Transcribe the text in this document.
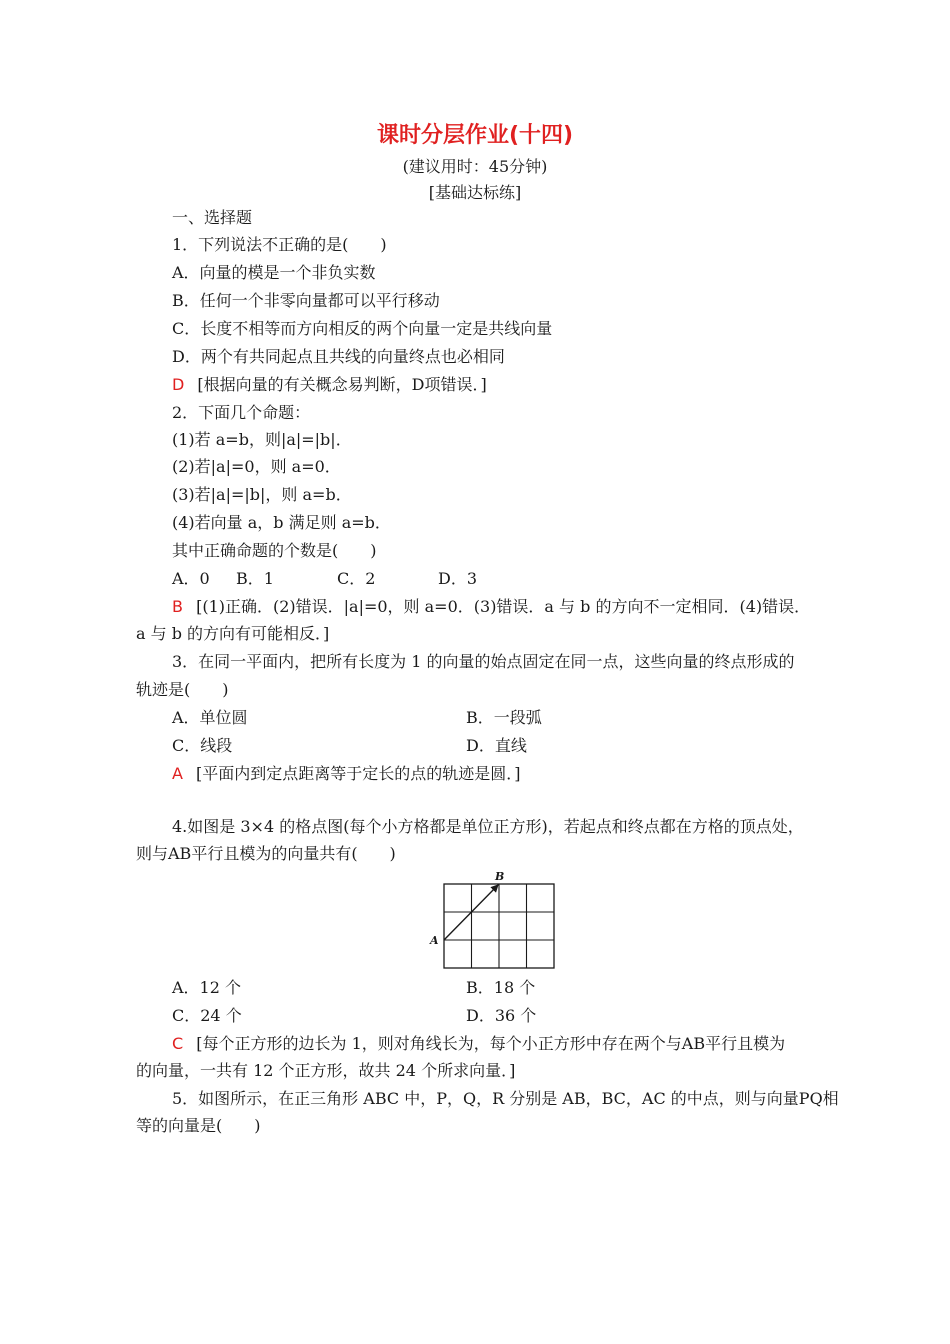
课时分层作业(十四)
(建议用时：45分钟)
[基础达标练]
一、选择题
1．下列说法不正确的是(　　)
A．向量的模是一个非负实数
B．任何一个非零向量都可以平行移动
C．长度不相等而方向相反的两个向量一定是共线向量
D．两个有共同起点且共线的向量终点也必相同
D [根据向量的有关概念易判断，D项错误．]
2．下面几个命题：
(1)若 a=b，则|a|=|b|．
(2)若|a|=0，则 a=0．
(3)若|a|=|b|，则 a=b．
(4)若向量 a，b 满足则 a=b．
其中正确命题的个数是(　　)
A．0 B．1	C．2	D．3
B [(1)正确．(2)错误．|a|=0，则 a=0．(3)错误．a 与 b 的方向不一定相同．(4)错误．
a 与 b 的方向有可能相反．]
3．在同一平面内，把所有长度为 1 的向量的始点固定在同一点，这些向量的终点形成的
轨迹是(　　)
A．单位圆	B．一段弧
C．线段	D．直线
A [平面内到定点距离等于定长的点的轨迹是圆．]
4.如图是 3×4 的格点图(每个小方格都是单位正方形)，若起点和终点都在方格的顶点处，
则与AB平行且模为的向量共有(　　)
A
B
A．12 个	B．18 个
C．24 个	D．36 个
C [每个正方形的边长为 1，则对角线长为，每个小正方形中存在两个与AB平行且模为
的向量，一共有 12 个正方形，故共 24 个所求向量．]
5．如图所示，在正三角形 ABC 中，P，Q，R 分别是 AB，BC，AC 的中点，则与向量PQ相
等的向量是(　　)
